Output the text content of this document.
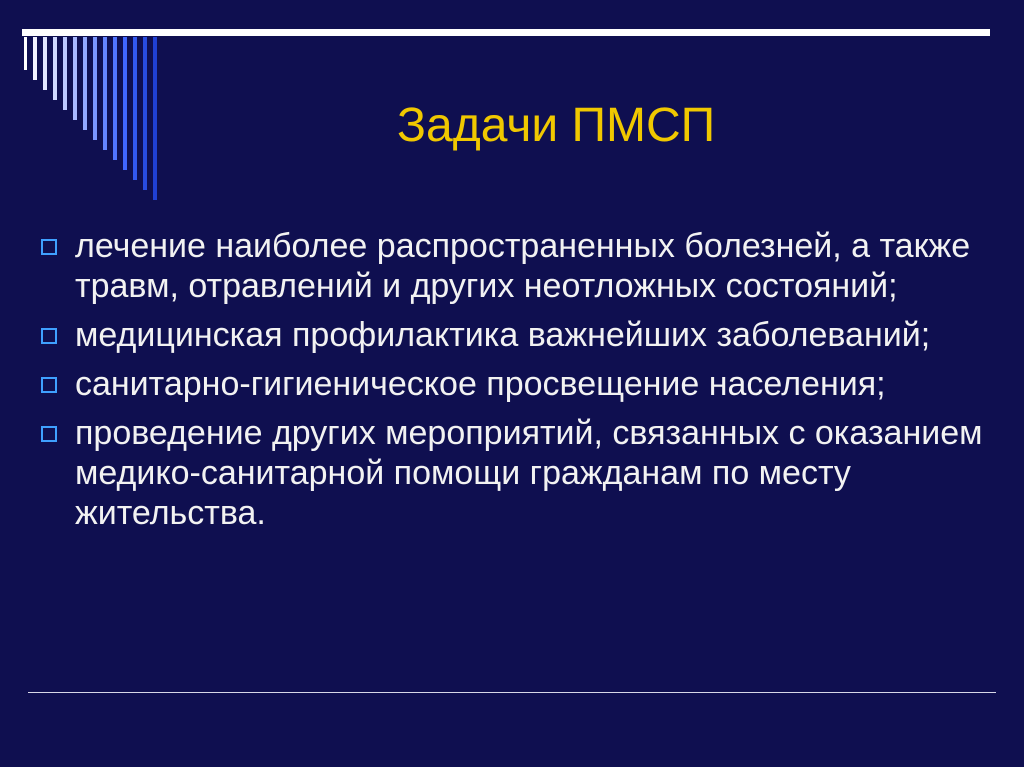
Задачи ПМСП
лечение наиболее распространенных болезней, а также травм, отравлений и других неотложных состояний;
медицинская профилактика важнейших заболеваний;
санитарно-гигиеническое просвещение населения;
проведение других мероприятий, связанных с оказанием медико-санитарной помощи гражданам по месту жительства.
